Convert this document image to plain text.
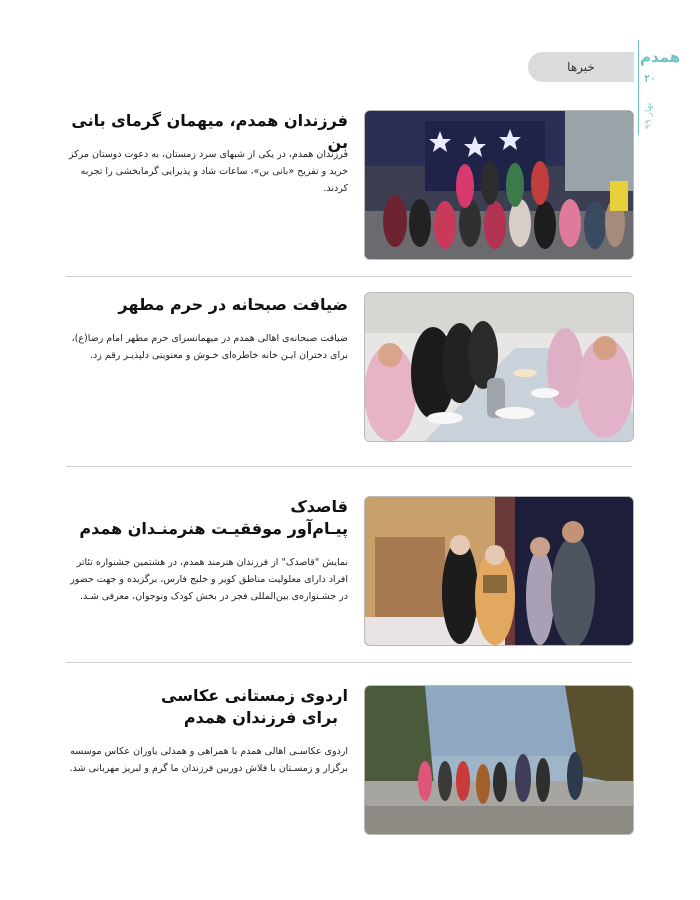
خبرها
همدم
۲۰
بهار ۹۹
فرزندان همدم، میهمان گرمای بانی بن
فرزندان همدم، در یکی از شبهای سرد زمستان، به دعوت دوستان مرکز خرید و تفریح «بانی بن»، ساعات شاد و پذیرایی گرمابخشی را تجربه کردند.
ضیافت صبحانه در حرم مطهر
ضیافت صبحانه‌ی اهالی همدم در میهمانسرای حرم مطهر امام رضا(ع)، برای دختران ایـن خانه خاطره‌ای خـوش و معنویتی دلپذیـر رقم زد.
قاصدک
پیـام‌آور موفقیـت هنرمنـدان همدم
نمایش "قاصدک" از فرزندان هنرمند همدم، در هشتمین جشنواره تئاتر افراد دارای معلولیت مناطق کویر و خلیج فارس، برگزیده و جهت حضور در جشـنواره‌ی بین‌المللی فجر در بخش کودک ونوجوان، معرفی شـد.
اردوی زمستانی عکاسی
برای فرزندان همدم
اردوی عکاسـی اهالی همدم با همراهی و همدلی یاوران عکاس موسسه برگزار و زمسـتان با فلاش دوربین فرزندان ما گرم و لبریز مهربانی شد.
